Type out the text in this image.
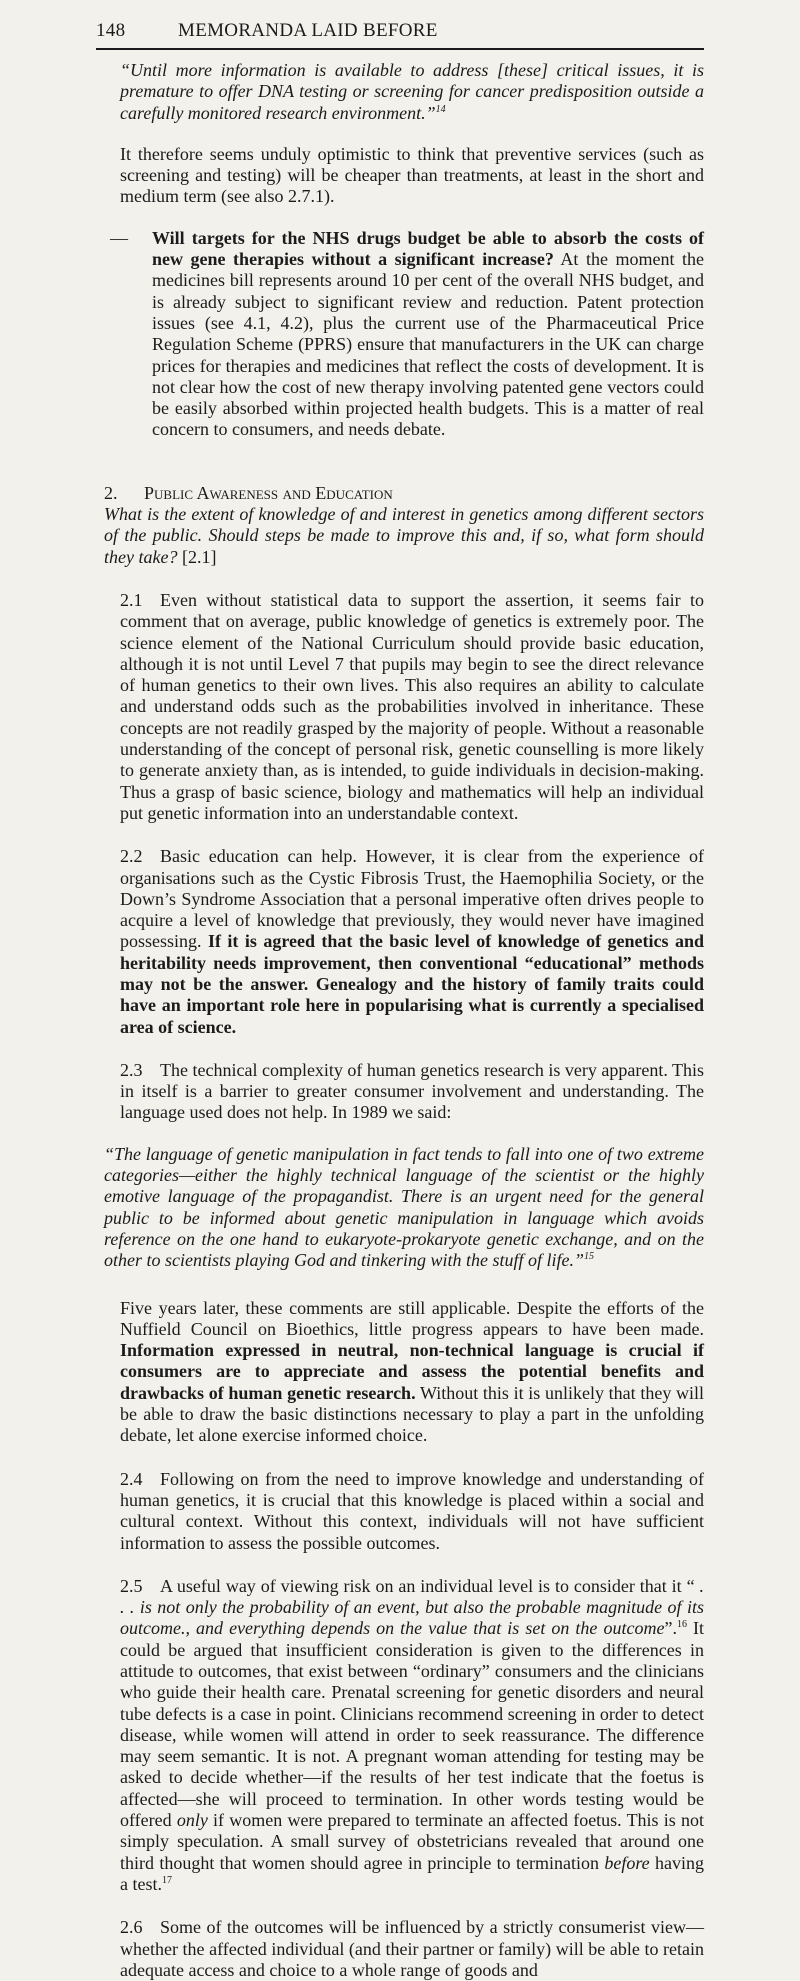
148	MEMORANDA LAID BEFORE

“Until more information is available to address [these] critical issues, it is premature to offer DNA testing or screening for cancer predisposition outside a carefully monitored research environment.”$^{14}$

It therefore seems unduly optimistic to think that preventive services (such as screening and testing) will be cheaper than treatments, at least in the short and medium term (see also 2.7.1).

—	Will targets for the NHS drugs budget be able to absorb the costs of new gene therapies without a significant increase? At the moment the medicines bill represents around 10 per cent of the overall NHS budget, and is already subject to significant review and reduction. Patent protection issues (see 4.1, 4.2), plus the current use of the Pharmaceutical Price Regulation Scheme (PPRS) ensure that manufacturers in the UK can charge prices for therapies and medicines that reflect the costs of development. It is not clear how the cost of new therapy involving patented gene vectors could be easily absorbed within projected health budgets. This is a matter of real concern to consumers, and needs debate.

2. Public Awareness and Education

What is the extent of knowledge of and interest in genetics among different sectors of the public. Should steps be made to improve this and, if so, what form should they take? [2.1]

2.1 Even without statistical data to support the assertion, it seems fair to comment that on average, public knowledge of genetics is extremely poor. The science element of the National Curriculum should provide basic education, although it is not until Level 7 that pupils may begin to see the direct relevance of human genetics to their own lives. This also requires an ability to calculate and understand odds such as the probabilities involved in inheritance. These concepts are not readily grasped by the majority of people. Without a reasonable understanding of the concept of personal risk, genetic counselling is more likely to generate anxiety than, as is intended, to guide individuals in decision-making. Thus a grasp of basic science, biology and mathematics will help an individual put genetic information into an understandable context.

2.2 Basic education can help. However, it is clear from the experience of organisations such as the Cystic Fibrosis Trust, the Haemophilia Society, or the Down’s Syndrome Association that a personal imperative often drives people to acquire a level of knowledge that previously, they would never have imagined possessing. If it is agreed that the basic level of knowledge of genetics and heritability needs improvement, then conventional “educational” methods may not be the answer. Genealogy and the history of family traits could have an important role here in popularising what is currently a specialised area of science.

2.3 The technical complexity of human genetics research is very apparent. This in itself is a barrier to greater consumer involvement and understanding. The language used does not help. In 1989 we said:

“The language of genetic manipulation in fact tends to fall into one of two extreme categories—either the highly technical language of the scientist or the highly emotive language of the propagandist. There is an urgent need for the general public to be informed about genetic manipulation in language which avoids reference on the one hand to eukaryote-prokaryote genetic exchange, and on the other to scientists playing God and tinkering with the stuff of life.”$^{15}$

Five years later, these comments are still applicable. Despite the efforts of the Nuffield Council on Bioethics, little progress appears to have been made. Information expressed in neutral, non-technical language is crucial if consumers are to appreciate and assess the potential benefits and drawbacks of human genetic research. Without this it is unlikely that they will be able to draw the basic distinctions necessary to play a part in the unfolding debate, let alone exercise informed choice.

2.4 Following on from the need to improve knowledge and understanding of human genetics, it is crucial that this knowledge is placed within a social and cultural context. Without this context, individuals will not have sufficient information to assess the possible outcomes.

2.5 A useful way of viewing risk on an individual level is to consider that it “ . . . is not only the probability of an event, but also the probable magnitude of its outcome., and everything depends on the value that is set on the outcome”.$^{16}$ It could be argued that insufficient consideration is given to the differences in attitude to outcomes, that exist between “ordinary” consumers and the clinicians who guide their health care. Prenatal screening for genetic disorders and neural tube defects is a case in point. Clinicians recommend screening in order to detect disease, while women will attend in order to seek reassurance. The difference may seem semantic. It is not. A pregnant woman attending for testing may be asked to decide whether—if the results of her test indicate that the foetus is affected—she will proceed to termination. In other words testing would be offered only if women were prepared to terminate an affected foetus. This is not simply speculation. A small survey of obstetricians revealed that around one third thought that women should agree in principle to termination before having a test.$^{17}$

2.6 Some of the outcomes will be influenced by a strictly consumerist view—whether the affected individual (and their partner or family) will be able to retain adequate access and choice to a whole range of goods and
